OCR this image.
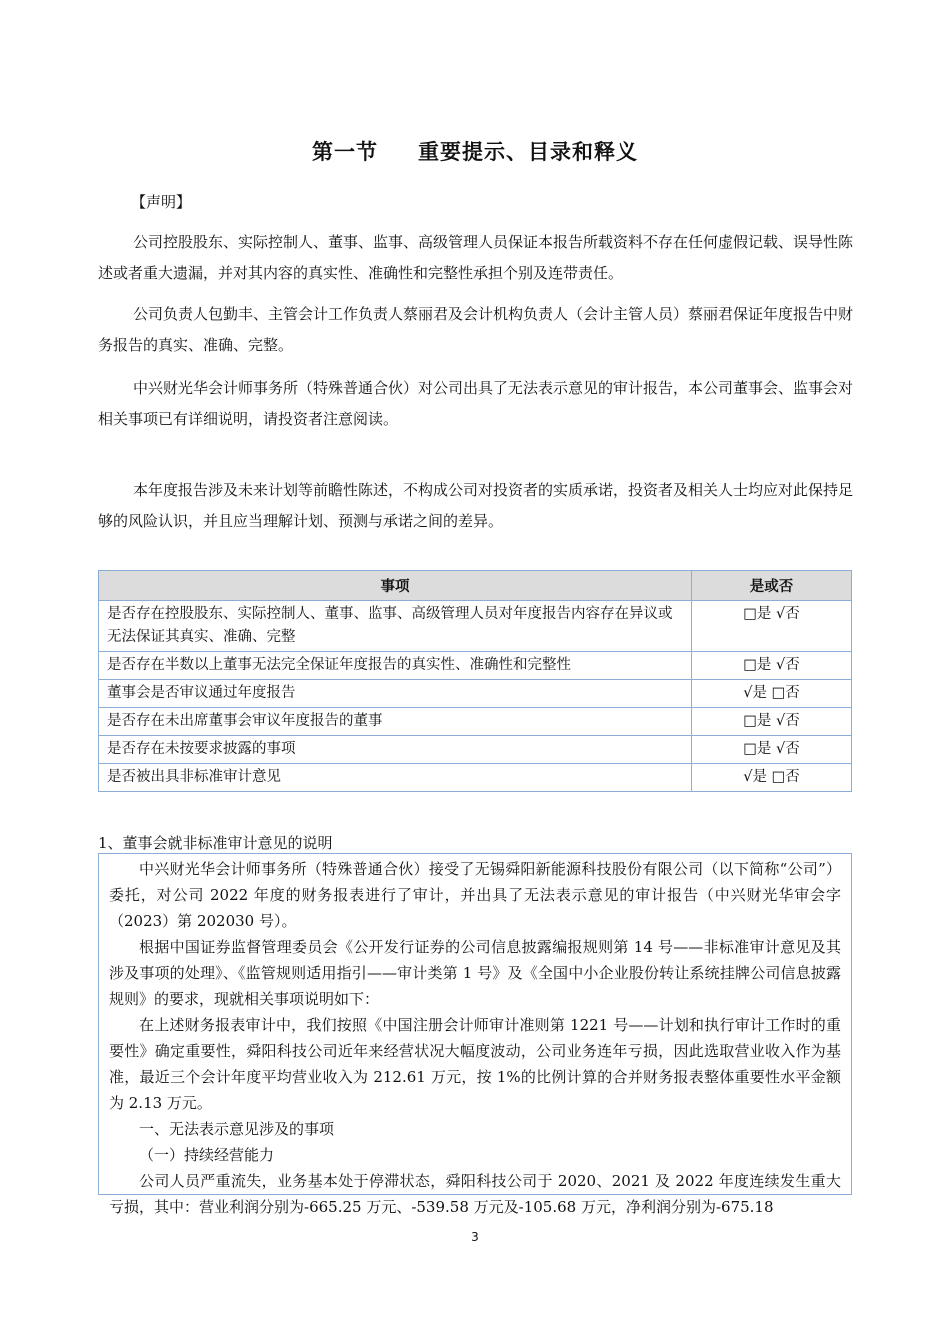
第一节 重要提示、目录和释义
【声明】
公司控股股东、实际控制人、董事、监事、高级管理人员保证本报告所载资料不存在任何虚假记载、误导性陈述或者重大遗漏，并对其内容的真实性、准确性和完整性承担个别及连带责任。
公司负责人包勤丰、主管会计工作负责人蔡丽君及会计机构负责人（会计主管人员）蔡丽君保证年度报告中财务报告的真实、准确、完整。
中兴财光华会计师事务所（特殊普通合伙）对公司出具了无法表示意见的审计报告，本公司董事会、监事会对相关事项已有详细说明，请投资者注意阅读。
本年度报告涉及未来计划等前瞻性陈述，不构成公司对投资者的实质承诺，投资者及相关人士均应对此保持足够的风险认识，并且应当理解计划、预测与承诺之间的差异。
事项	是或否
是否存在控股股东、实际控制人、董事、监事、高级管理人员对年度报告内容存在异议或无法保证其真实、准确、完整	□是 √否
是否存在半数以上董事无法完全保证年度报告的真实性、准确性和完整性	□是 √否
董事会是否审议通过年度报告	√是 □否
是否存在未出席董事会审议年度报告的董事	□是 √否
是否存在未按要求披露的事项	□是 √否
是否被出具非标准审计意见	√是 □否
1、董事会就非标准审计意见的说明

中兴财光华会计师事务所（特殊普通合伙）接受了无锡舜阳新能源科技股份有限公司（以下简称“公司”）委托，对公司 2022 年度的财务报表进行了审计，并出具了无法表示意见的审计报告（中兴财光华审会字（2023）第 202030 号）。

根据中国证券监督管理委员会《公开发行证券的公司信息披露编报规则第 14 号——非标准审计意见及其涉及事项的处理》、《监管规则适用指引——审计类第 1 号》及《全国中小企业股份转让系统挂牌公司信息披露规则》的要求，现就相关事项说明如下：

在上述财务报表审计中，我们按照《中国注册会计师审计准则第 1221 号——计划和执行审计工作时的重要性》确定重要性，舜阳科技公司近年来经营状况大幅度波动，公司业务连年亏损，因此选取营业收入作为基准，最近三个会计年度平均营业收入为 212.61 万元，按 1%的比例计算的合并财务报表整体重要性水平金额为 2.13 万元。

一、无法表示意见涉及的事项

（一）持续经营能力

公司人员严重流失，业务基本处于停滞状态，舜阳科技公司于 2020、2021 及 2022 年度连续发生重大亏损，其中：营业利润分别为-665.25 万元、-539.58 万元及-105.68 万元，净利润分别为-675.18

3
